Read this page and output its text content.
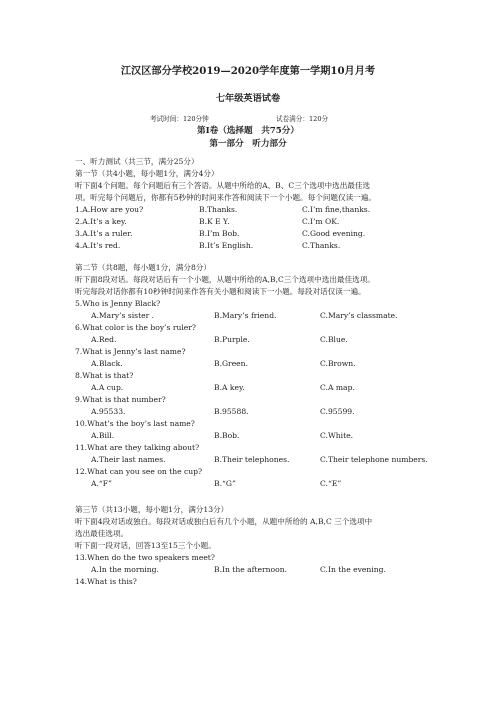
江汉区部分学校2019—2020学年度第一学期10月月考
七年级英语试卷
考试时间：120分钟	试卷满分：120分
第Ⅰ卷（选择题　共75分）
第一部分　听力部分
一、听力测试（共三节，满分25分）
第一节（共4小题，每小题1分，满分4分）
听下面4个问题。每个问题后有三个答语。从题中所给的A、B、C三个选项中选出最佳选
项。听完每个问题后，你都有5秒钟的时间来作答和阅读下一个小题。每个问题仅读一遍。
1.A.How are you?	B.Thanks.	C.I’m fine,thanks.
2.A.It’s a key.	B.K E Y.	C.I’m OK.
3.A.It’s a ruler.	B.I’m Bob.	C.Good evening.
4.A.It’s red.	B.It’s English.	C.Thanks.
第二节（共8题，每小题1分，满分8分）
听下面8段对话。每段对话后有一个小题，从题中所给的A,B,C三个选项中选出最佳选项。
听完每段对话你都有10秒钟时间来作答有关小题和阅读下一小题。每段对话仅读一遍。
5.Who is Jenny Black?
A.Mary’s sister .	B.Mary’s friend.	C.Mary’s classmate.
6.What color is the boy’s ruler?
A.Red.	B.Purple.	C.Blue.
7.What is Jenny’s last name?
A.Black.	B.Green.	C.Brown.
8.What is that?
A.A cup.	B.A key.	C.A map.
9.What is that number?
A.95533.	B.95588.	C.95599.
10.What’s the boy’s last name?
A.Bill.	B.Bob.	C.White.
11.What are they talking about?
A.Their last names.	B.Their telephones.	C.Their telephone numbers.
12.What can you see on the cup?
A.“F”	B.“G”	C.“E”
第三节（共13小题，每小题1分，满分13分）
听下面4段对话或独白。每段对话或独白后有几个小题，从题中所给的 A,B,C 三个选项中
选出最佳选项。
听下面一段对话，回答13至15三个小题。
13.When do the two speakers meet?
A.In the morning.	B.In the afternoon.	C.In the evening.
14.What is this?
